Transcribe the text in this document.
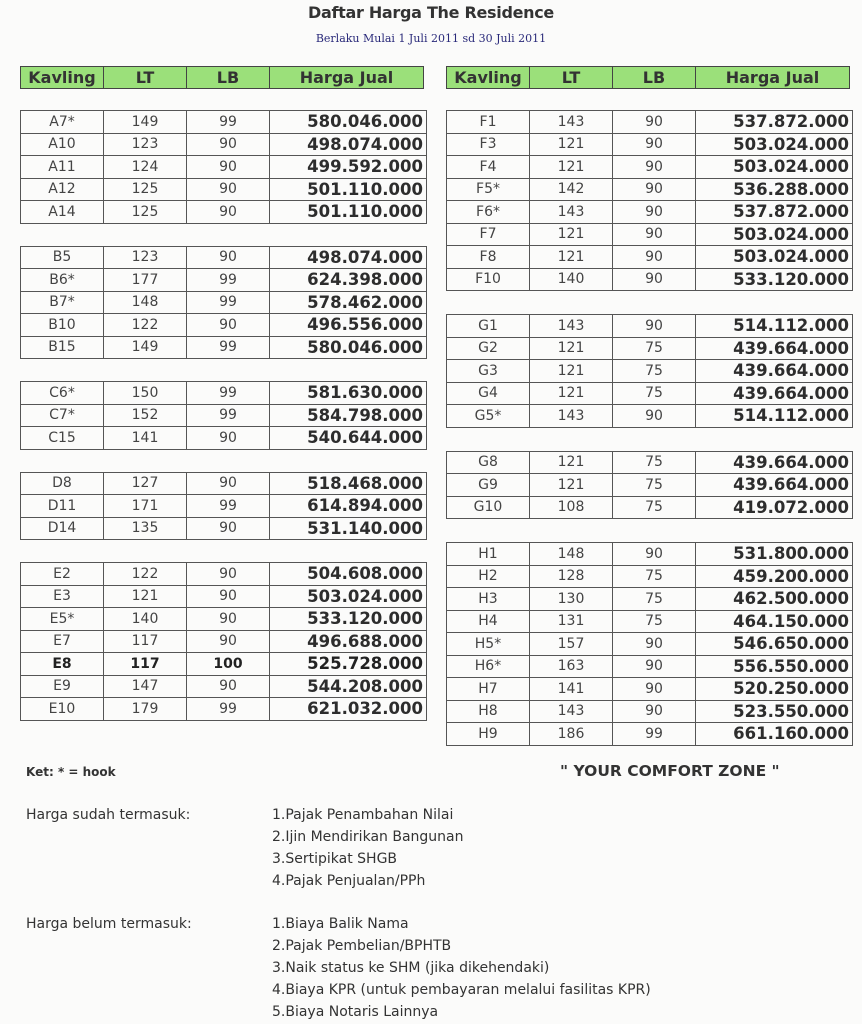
Daftar Harga The Residence
Berlaku Mulai 1 Juli 2011 sd 30 Juli 2011
Kavling	LT	LB	Harga Jual
A7*	149	99	580.046.000
A10	123	90	498.074.000
A11	124	90	499.592.000
A12	125	90	501.110.000
A14	125	90	501.110.000
B5	123	90	498.074.000
B6*	177	99	624.398.000
B7*	148	99	578.462.000
B10	122	90	496.556.000
B15	149	99	580.046.000
C6*	150	99	581.630.000
C7*	152	99	584.798.000
C15	141	90	540.644.000
D8	127	90	518.468.000
D11	171	99	614.894.000
D14	135	90	531.140.000
E2	122	90	504.608.000
E3	121	90	503.024.000
E5*	140	90	533.120.000
E7	117	90	496.688.000
E8	117	100	525.728.000
E9	147	90	544.208.000
E10	179	99	621.032.000
Kavling	LT	LB	Harga Jual
F1	143	90	537.872.000
F3	121	90	503.024.000
F4	121	90	503.024.000
F5*	142	90	536.288.000
F6*	143	90	537.872.000
F7	121	90	503.024.000
F8	121	90	503.024.000
F10	140	90	533.120.000
G1	143	90	514.112.000
G2	121	75	439.664.000
G3	121	75	439.664.000
G4	121	75	439.664.000
G5*	143	90	514.112.000
G8	121	75	439.664.000
G9	121	75	439.664.000
G10	108	75	419.072.000
H1	148	90	531.800.000
H2	128	75	459.200.000
H3	130	75	462.500.000
H4	131	75	464.150.000
H5*	157	90	546.650.000
H6*	163	90	556.550.000
H7	141	90	520.250.000
H8	143	90	523.550.000
H9	186	99	661.160.000
" YOUR COMFORT ZONE "
Ket: * = hook
Harga sudah termasuk:	1.Pajak Penambahan Nilai
2.Ijin Mendirikan Bangunan
3.Sertipikat SHGB
4.Pajak Penjualan/PPh
Harga belum termasuk:	1.Biaya Balik Nama
2.Pajak Pembelian/BPHTB
3.Naik status ke SHM (jika dikehendaki)
4.Biaya KPR (untuk pembayaran melalui fasilitas KPR)
5.Biaya Notaris Lainnya
